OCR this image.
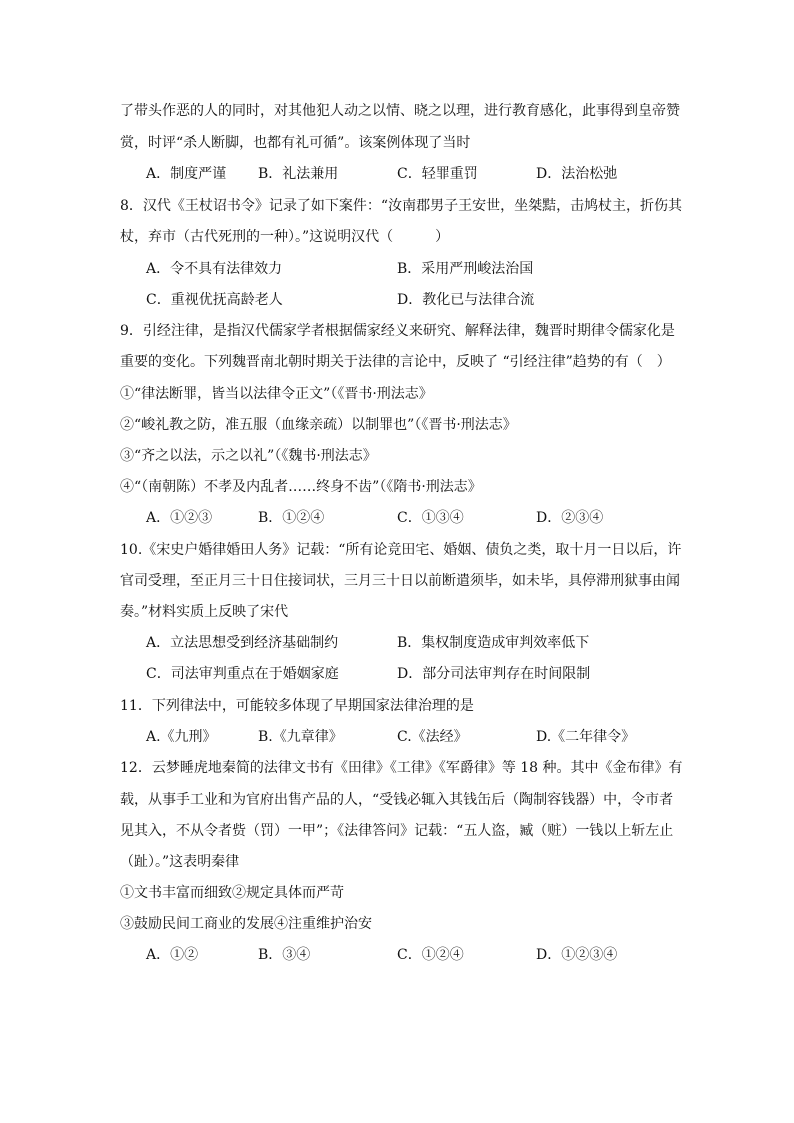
了带头作恶的人的同时，对其他犯人动之以情、晓之以理，进行教育感化，此事得到皇帝赞
赏，时评“杀人断脚，也都有礼可循”。该案例体现了当时
A．制度严谨 B．礼法兼用	C．轻罪重罚	D．法治松弛
8．汉代《王杖诏书令》记录了如下案件：“汝南郡男子王安世，坐桀黠，击鸠杖主，折伤其
杖，弃市（古代死刑的一种）。”这说明汉代（　　　）
A．令不具有法律效力	B．采用严刑峻法治国
C．重视优抚高龄老人	D．教化已与法律合流
9．引经注律，是指汉代儒家学者根据儒家经义来研究、解释法律，魏晋时期律令儒家化是
重要的变化。下列魏晋南北朝时期关于法律的言论中，反映了 “引经注律”趋势的有（　）
①“律法断罪，皆当以法律令正文”（《晋书·刑法志》
②“峻礼教之防，准五服（血缘亲疏）以制罪也”（《晋书·刑法志》
③“齐之以法，示之以礼”（《魏书·刑法志》
④“（南朝陈）不孝及内乱者……终身不齿”（《隋书·刑法志》
A．①②③	B．①②④	C．①③④	D．②③④
10.《宋史户婚律婚田人务》记载：“所有论竞田宅、婚姻、债负之类，取十月一日以后，许
官司受理，至正月三十日住接词状，三月三十日以前断遣须毕，如未毕，具停滞刑狱事由闻
奏。”材料实质上反映了宋代
A．立法思想受到经济基础制约	B．集权制度造成审判效率低下
C．司法审判重点在于婚姻家庭	D．部分司法审判存在时间限制
11．下列律法中，可能较多体现了早期国家法律治理的是
A.《九刑》	B.《九章律》	C.《法经》	D.《二年律令》
12．云梦睡虎地秦简的法律文书有《田律》《工律》《军爵律》等 18 种。其中《金布律》有
载，从事手工业和为官府出售产品的人，“受钱必辄入其钱缶后（陶制容钱器）中，令市者
见其入，不从令者赀（罚）一甲”；《法律答问》记载：“五人盗，臧（赃）一钱以上斩左止
（趾）。”这表明秦律
①文书丰富而细致②规定具体而严苛
③鼓励民间工商业的发展④注重维护治安
A．①②	B．③④	C．①②④	D．①②③④
